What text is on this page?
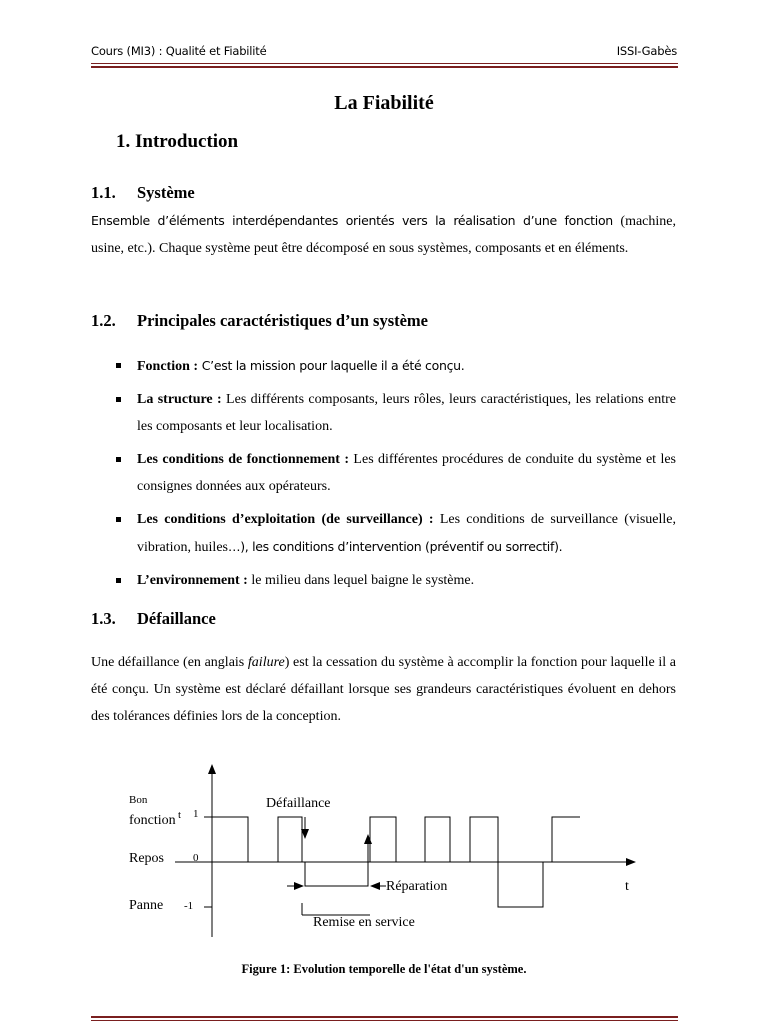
Cours (MI3) : Qualité et Fiabilité	ISSI-Gabès
La Fiabilité
1. Introduction
1.1. Système

Ensemble d’éléments interdépendantes orientés vers la réalisation d’une fonction (machine, usine, etc.). Chaque système peut être décomposé en sous systèmes, composants et en éléments.

1.2. Principales caractéristiques d’un système
Fonction : C’est la mission pour laquelle il a été conçu.
La structure : Les différents composants, leurs rôles, leurs caractéristiques, les relations entre les composants et leur localisation.
Les conditions de fonctionnement : Les différentes procédures de conduite du système et les consignes données aux opérateurs.
Les conditions d’exploitation (de surveillance) : Les conditions de surveillance (visuelle, vibration, huiles…), les conditions d’intervention (préventif ou sorrectif).
L’environnement : le milieu dans lequel baigne le système.
1.3. Défaillance

Une défaillance (en anglais failure) est la cessation du système à accomplir la fonction pour laquelle il a été conçu. Un système est déclaré défaillant lorsque ses grandeurs caractéristiques évoluent en dehors des tolérances définies lors de la conception.

Bon
fonction t 1
Repos	0
Panne -1
Défaillance
Réparation
Remise en service
t
Figure 1: Evolution temporelle de l'état d'un système.
